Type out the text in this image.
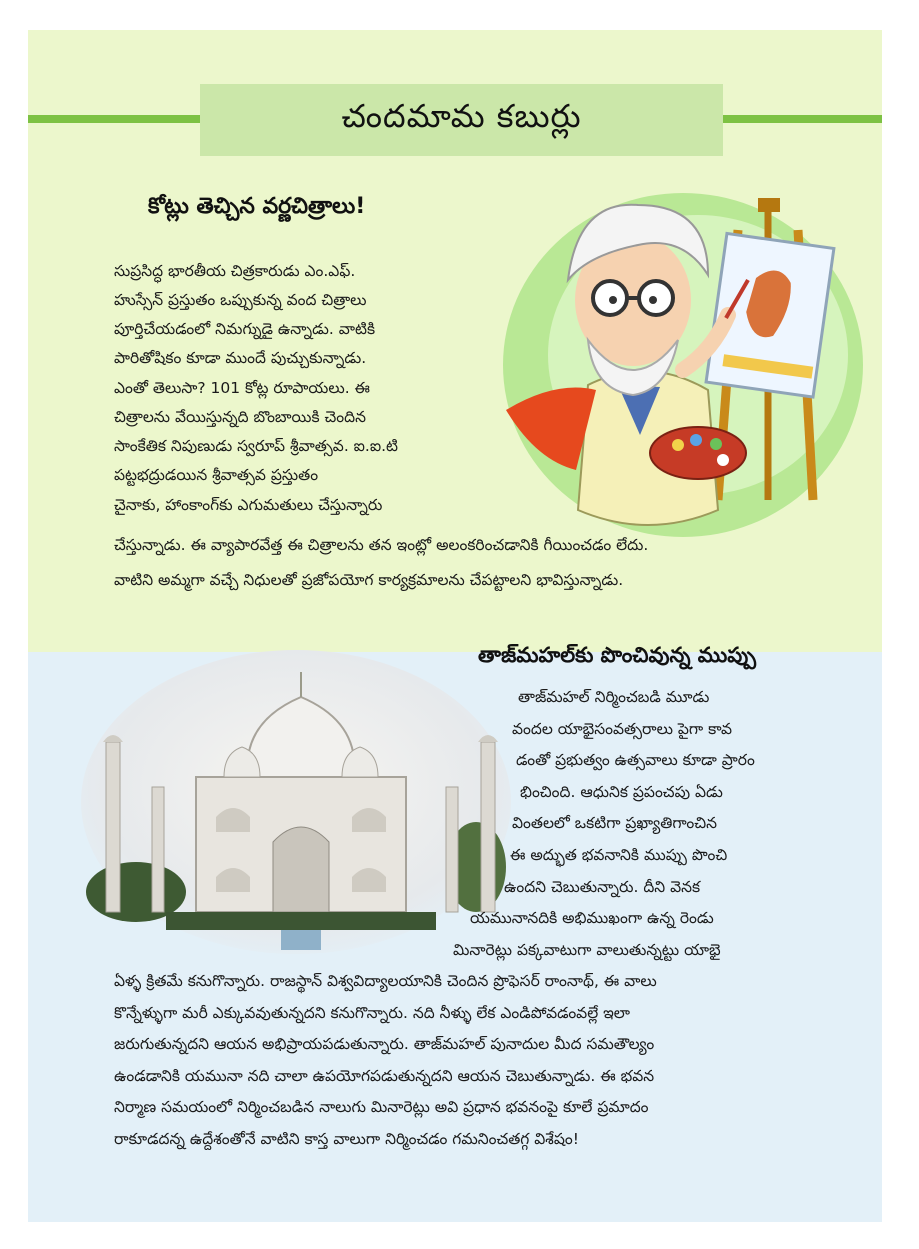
చందమామ కబుర్లు
కోట్లు తెచ్చిన వర్ణచిత్రాలు!
సుప్రసిద్ధ భారతీయ చిత్రకారుడు ఎం.ఎఫ్.
హుస్సేన్ ప్రస్తుతం ఒప్పుకున్న వంద చిత్రాలు
పూర్తిచేయడంలో నిమగ్నుడై ఉన్నాడు. వాటికి
పారితోషికం కూడా ముందే పుచ్చుకున్నాడు.
ఎంతో తెలుసా? 101 కోట్ల రూపాయలు. ఈ
చిత్రాలను వేయిస్తున్నది బొంబాయికి చెందిన
సాంకేతిక నిపుణుడు స్వరూప్ శ్రీవాత్సవ. ఐ.ఐ.టి
పట్టభద్రుడయిన శ్రీవాత్సవ ప్రస్తుతం
చైనాకు, హాంకాంగ్‌కు ఎగుమతులు చేస్తున్నారు
చేస్తున్నాడు. ఈ వ్యాపారవేత్త ఈ చిత్రాలను తన ఇంట్లో అలంకరించడానికి గీయించడం లేదు.
వాటిని అమ్మగా వచ్చే నిధులతో ప్రజోపయోగ కార్యక్రమాలను చేపట్టాలని భావిస్తున్నాడు.
తాజ్‌మహల్‌కు పొంచివున్న ముప్పు
తాజ్‌మహల్ నిర్మించబడి మూడు
వందల యాభైసంవత్సరాలు పైగా కావ
డంతో ప్రభుత్వం ఉత్సవాలు కూడా ప్రారం
భించింది. ఆధునిక ప్రపంచపు ఏడు
వింతలలో ఒకటిగా ప్రఖ్యాతిగాంచిన
ఈ అద్భుత భవనానికి ముప్పు పొంచి
ఉందని చెబుతున్నారు. దీని వెనక
యమునానదికి అభిముఖంగా ఉన్న రెండు
మినారెట్లు పక్కవాటుగా వాలుతున్నట్టు యాభై
ఏళ్ళ క్రితమే కనుగొన్నారు. రాజస్థాన్ విశ్వవిద్యాలయానికి చెందిన ప్రొఫెసర్ రాంనాథ్, ఈ వాలు
కొన్నేళ్ళుగా మరీ ఎక్కువవుతున్నదని కనుగొన్నారు. నది నీళ్ళు లేక ఎండిపోవడంవల్లే ఇలా
జరుగుతున్నదని ఆయన అభిప్రాయపడుతున్నారు. తాజ్‌మహల్ పునాదుల మీద సమతౌల్యం
ఉండడానికి యమునా నది చాలా ఉపయోగపడుతున్నదని ఆయన చెబుతున్నాడు. ఈ భవన
నిర్మాణ సమయంలో నిర్మించబడిన నాలుగు మినారెట్లు అవి ప్రధాన భవనంపై కూలే ప్రమాదం
రాకూడదన్న ఉద్దేశంతోనే వాటిని కాస్త వాలుగా నిర్మించడం గమనించతగ్గ విశేషం!
